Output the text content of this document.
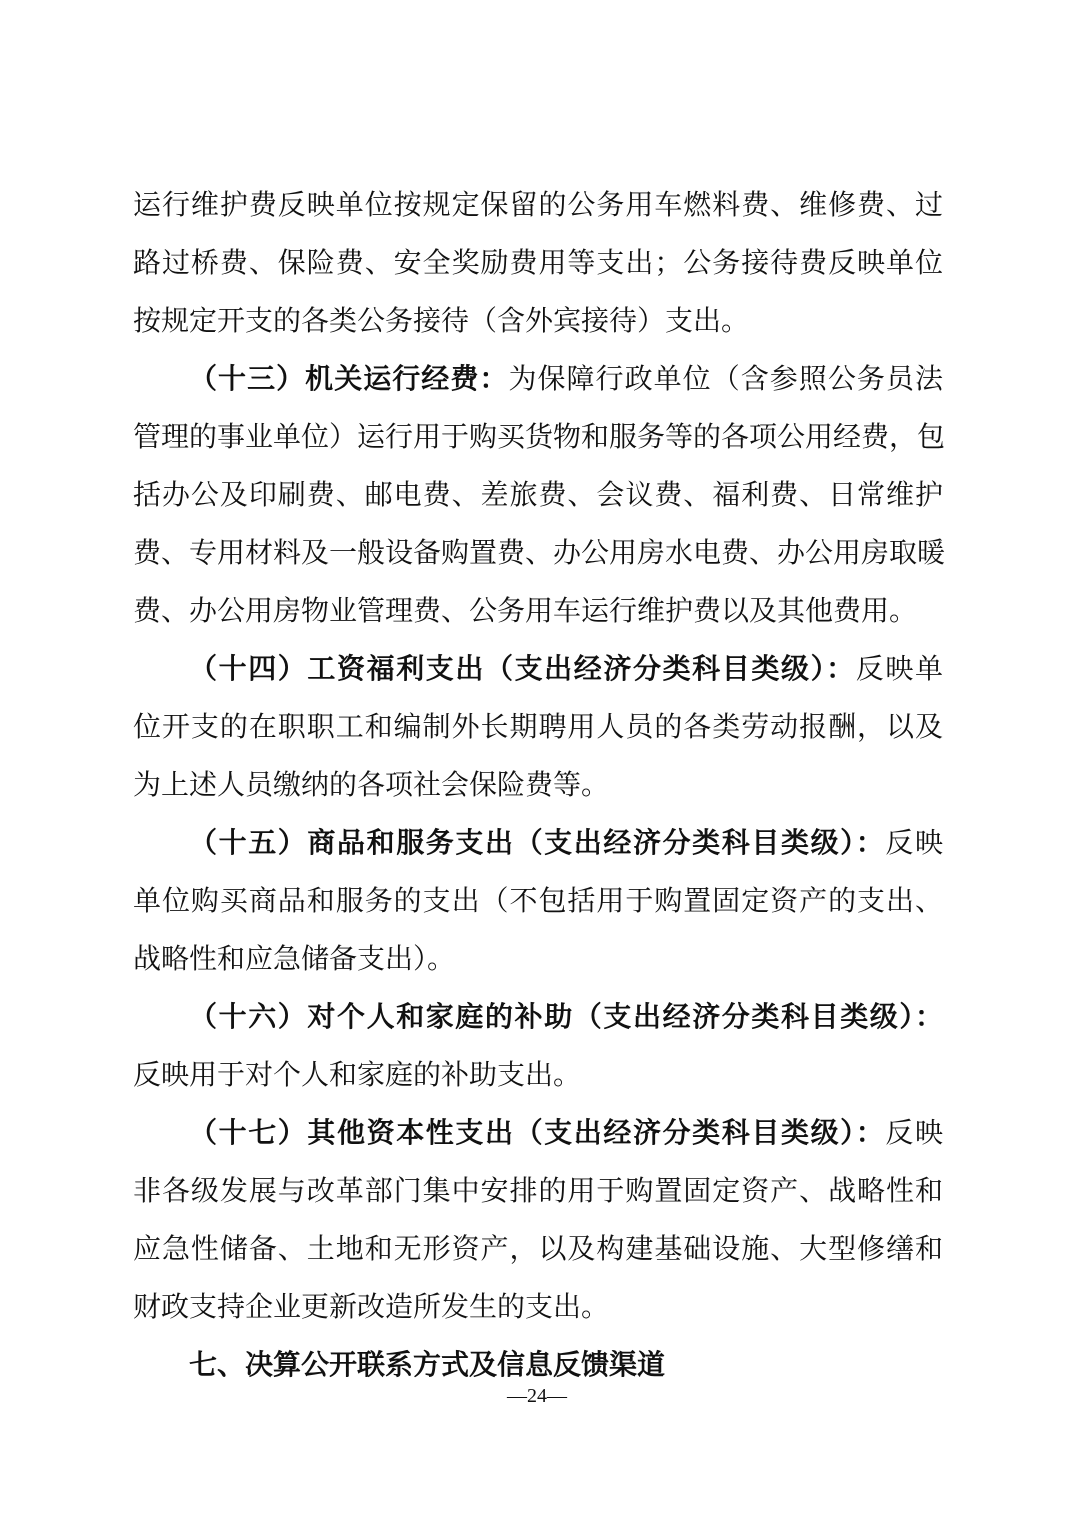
运行维护费反映单位按规定保留的公务用车燃料费、维修费、过
路过桥费、保险费、安全奖励费用等支出；公务接待费反映单位
按规定开支的各类公务接待（含外宾接待）支出。
（十三）机关运行经费：为保障行政单位（含参照公务员法
管理的事业单位）运行用于购买货物和服务等的各项公用经费，包
括办公及印刷费、邮电费、差旅费、会议费、福利费、日常维护
费、专用材料及一般设备购置费、办公用房水电费、办公用房取暖
费、办公用房物业管理费、公务用车运行维护费以及其他费用。
（十四）工资福利支出（支出经济分类科目类级）：反映单
位开支的在职职工和编制外长期聘用人员的各类劳动报酬，以及
为上述人员缴纳的各项社会保险费等。
（十五）商品和服务支出（支出经济分类科目类级）：反映
单位购买商品和服务的支出（不包括用于购置固定资产的支出、
战略性和应急储备支出）。
（十六）对个人和家庭的补助（支出经济分类科目类级）：
反映用于对个人和家庭的补助支出。
（十七）其他资本性支出（支出经济分类科目类级）：反映
非各级发展与改革部门集中安排的用于购置固定资产、战略性和
应急性储备、土地和无形资产，以及构建基础设施、大型修缮和
财政支持企业更新改造所发生的支出。
七、决算公开联系方式及信息反馈渠道
—24—
